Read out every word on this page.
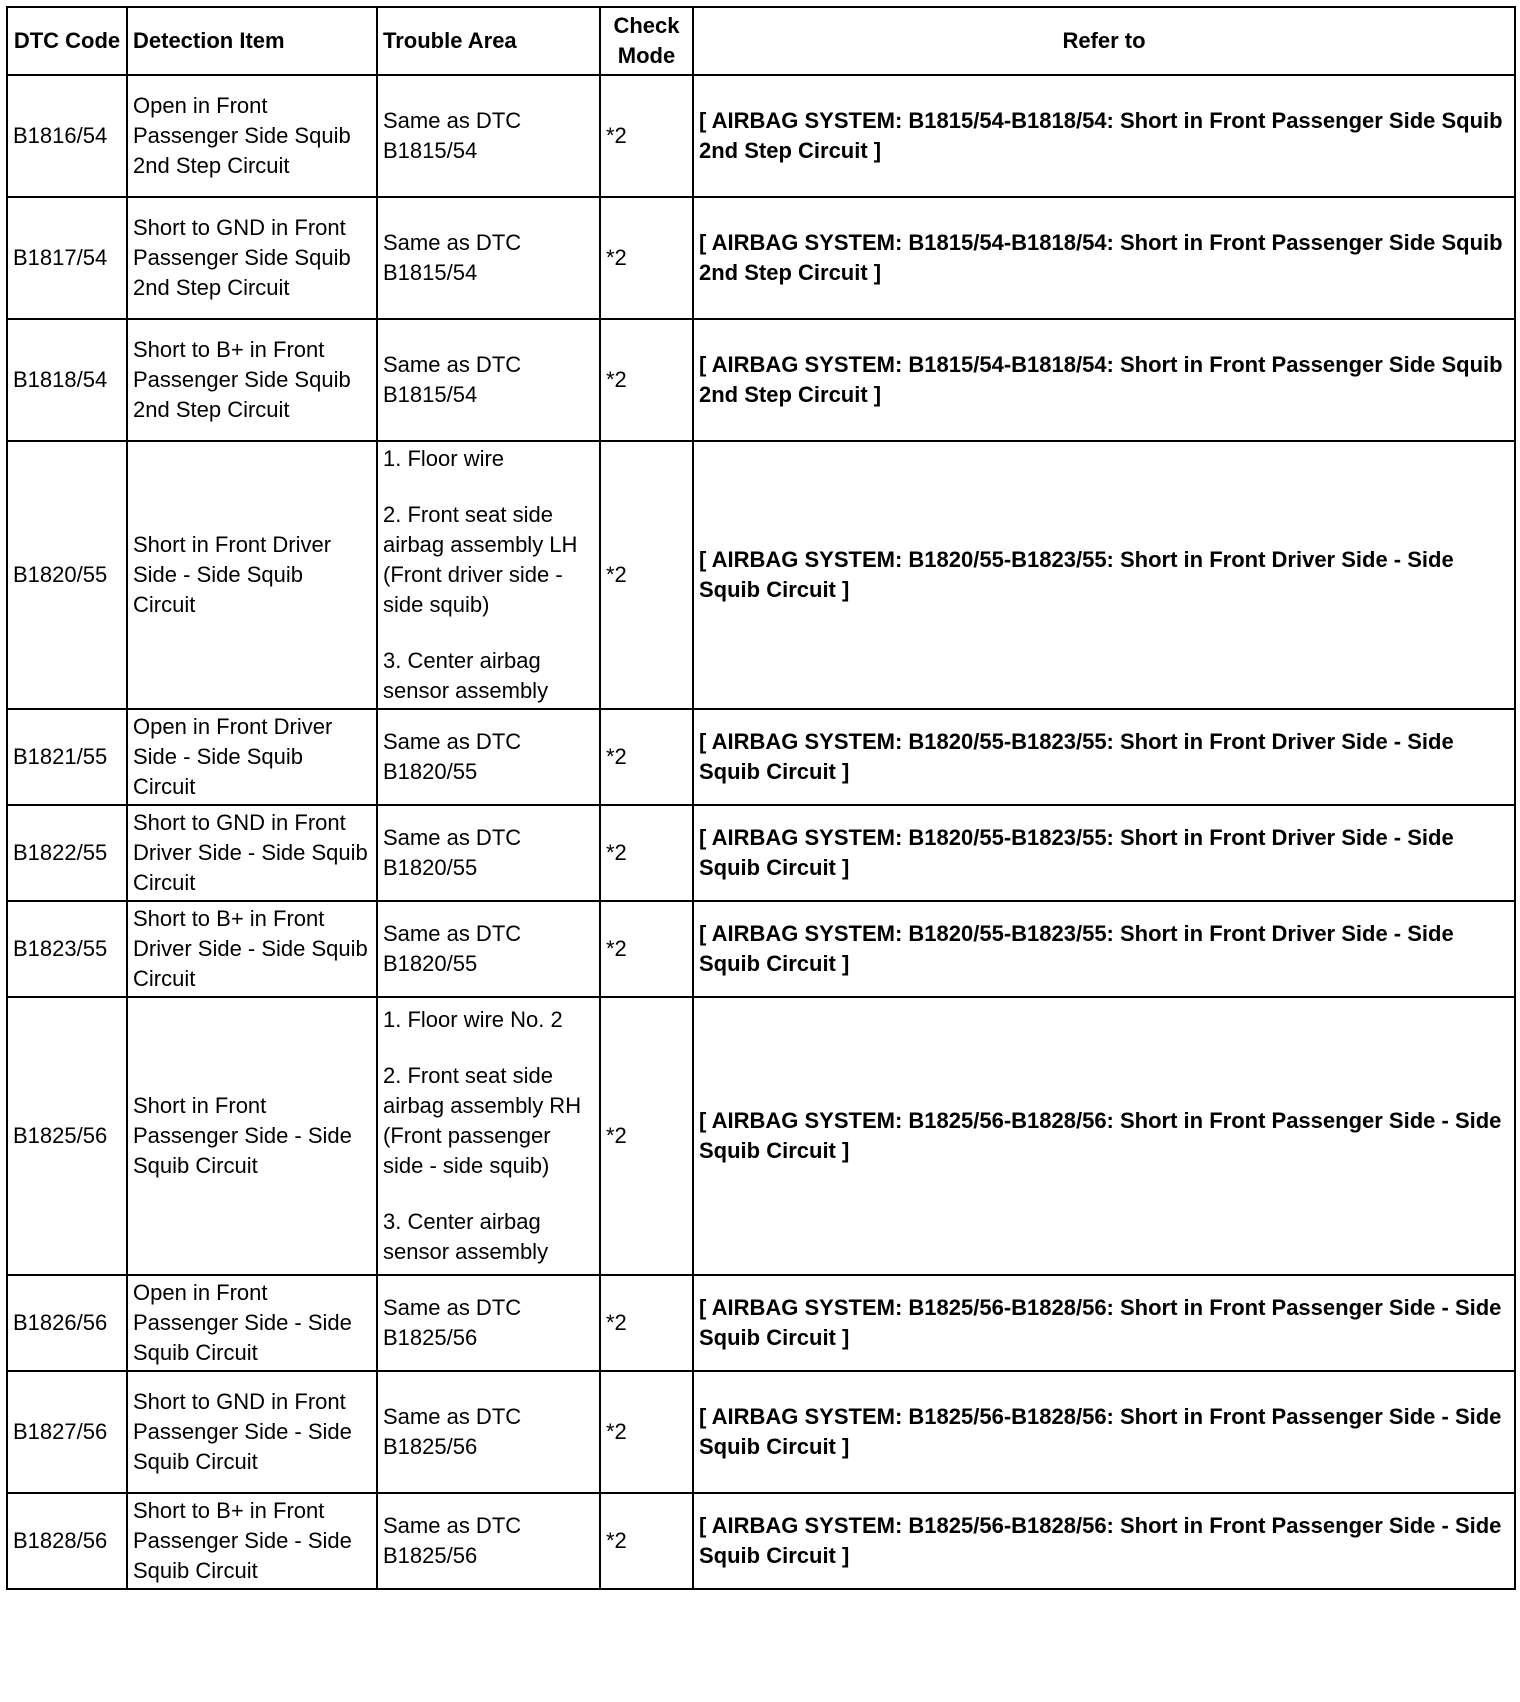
DTC Code	Detection Item	Trouble Area	Check Mode	Refer to
B1816/54	Open in Front Passenger Side Squib 2nd Step Circuit	Same as DTC B1815/54	*2	[ AIRBAG SYSTEM: B1815/54-B1818/54: Short in Front Passenger Side Squib 2nd Step Circuit ]
B1817/54	Short to GND in Front Passenger Side Squib 2nd Step Circuit	Same as DTC B1815/54	*2	[ AIRBAG SYSTEM: B1815/54-B1818/54: Short in Front Passenger Side Squib 2nd Step Circuit ]
B1818/54	Short to B+ in Front Passenger Side Squib 2nd Step Circuit	Same as DTC B1815/54	*2	[ AIRBAG SYSTEM: B1815/54-B1818/54: Short in Front Passenger Side Squib 2nd Step Circuit ]
B1820/55	Short in Front Driver Side - Side Squib Circuit	1. Floor wire
2. Front seat side airbag assembly LH (Front driver side - side squib)
3. Center airbag sensor assembly	*2	[ AIRBAG SYSTEM: B1820/55-B1823/55: Short in Front Driver Side - Side Squib Circuit ]
B1821/55	Open in Front Driver Side - Side Squib Circuit	Same as DTC B1820/55	*2	[ AIRBAG SYSTEM: B1820/55-B1823/55: Short in Front Driver Side - Side Squib Circuit ]
B1822/55	Short to GND in Front Driver Side - Side Squib Circuit	Same as DTC B1820/55	*2	[ AIRBAG SYSTEM: B1820/55-B1823/55: Short in Front Driver Side - Side Squib Circuit ]
B1823/55	Short to B+ in Front Driver Side - Side Squib Circuit	Same as DTC B1820/55	*2	[ AIRBAG SYSTEM: B1820/55-B1823/55: Short in Front Driver Side - Side Squib Circuit ]
B1825/56	Short in Front Passenger Side - Side Squib Circuit	1. Floor wire No. 2
2. Front seat side airbag assembly RH (Front passenger side - side squib)
3. Center airbag sensor assembly	*2	[ AIRBAG SYSTEM: B1825/56-B1828/56: Short in Front Passenger Side - Side Squib Circuit ]
B1826/56	Open in Front Passenger Side - Side Squib Circuit	Same as DTC B1825/56	*2	[ AIRBAG SYSTEM: B1825/56-B1828/56: Short in Front Passenger Side - Side Squib Circuit ]
B1827/56	Short to GND in Front Passenger Side - Side Squib Circuit	Same as DTC B1825/56	*2	[ AIRBAG SYSTEM: B1825/56-B1828/56: Short in Front Passenger Side - Side Squib Circuit ]
B1828/56	Short to B+ in Front Passenger Side - Side Squib Circuit	Same as DTC B1825/56	*2	[ AIRBAG SYSTEM: B1825/56-B1828/56: Short in Front Passenger Side - Side Squib Circuit ]
